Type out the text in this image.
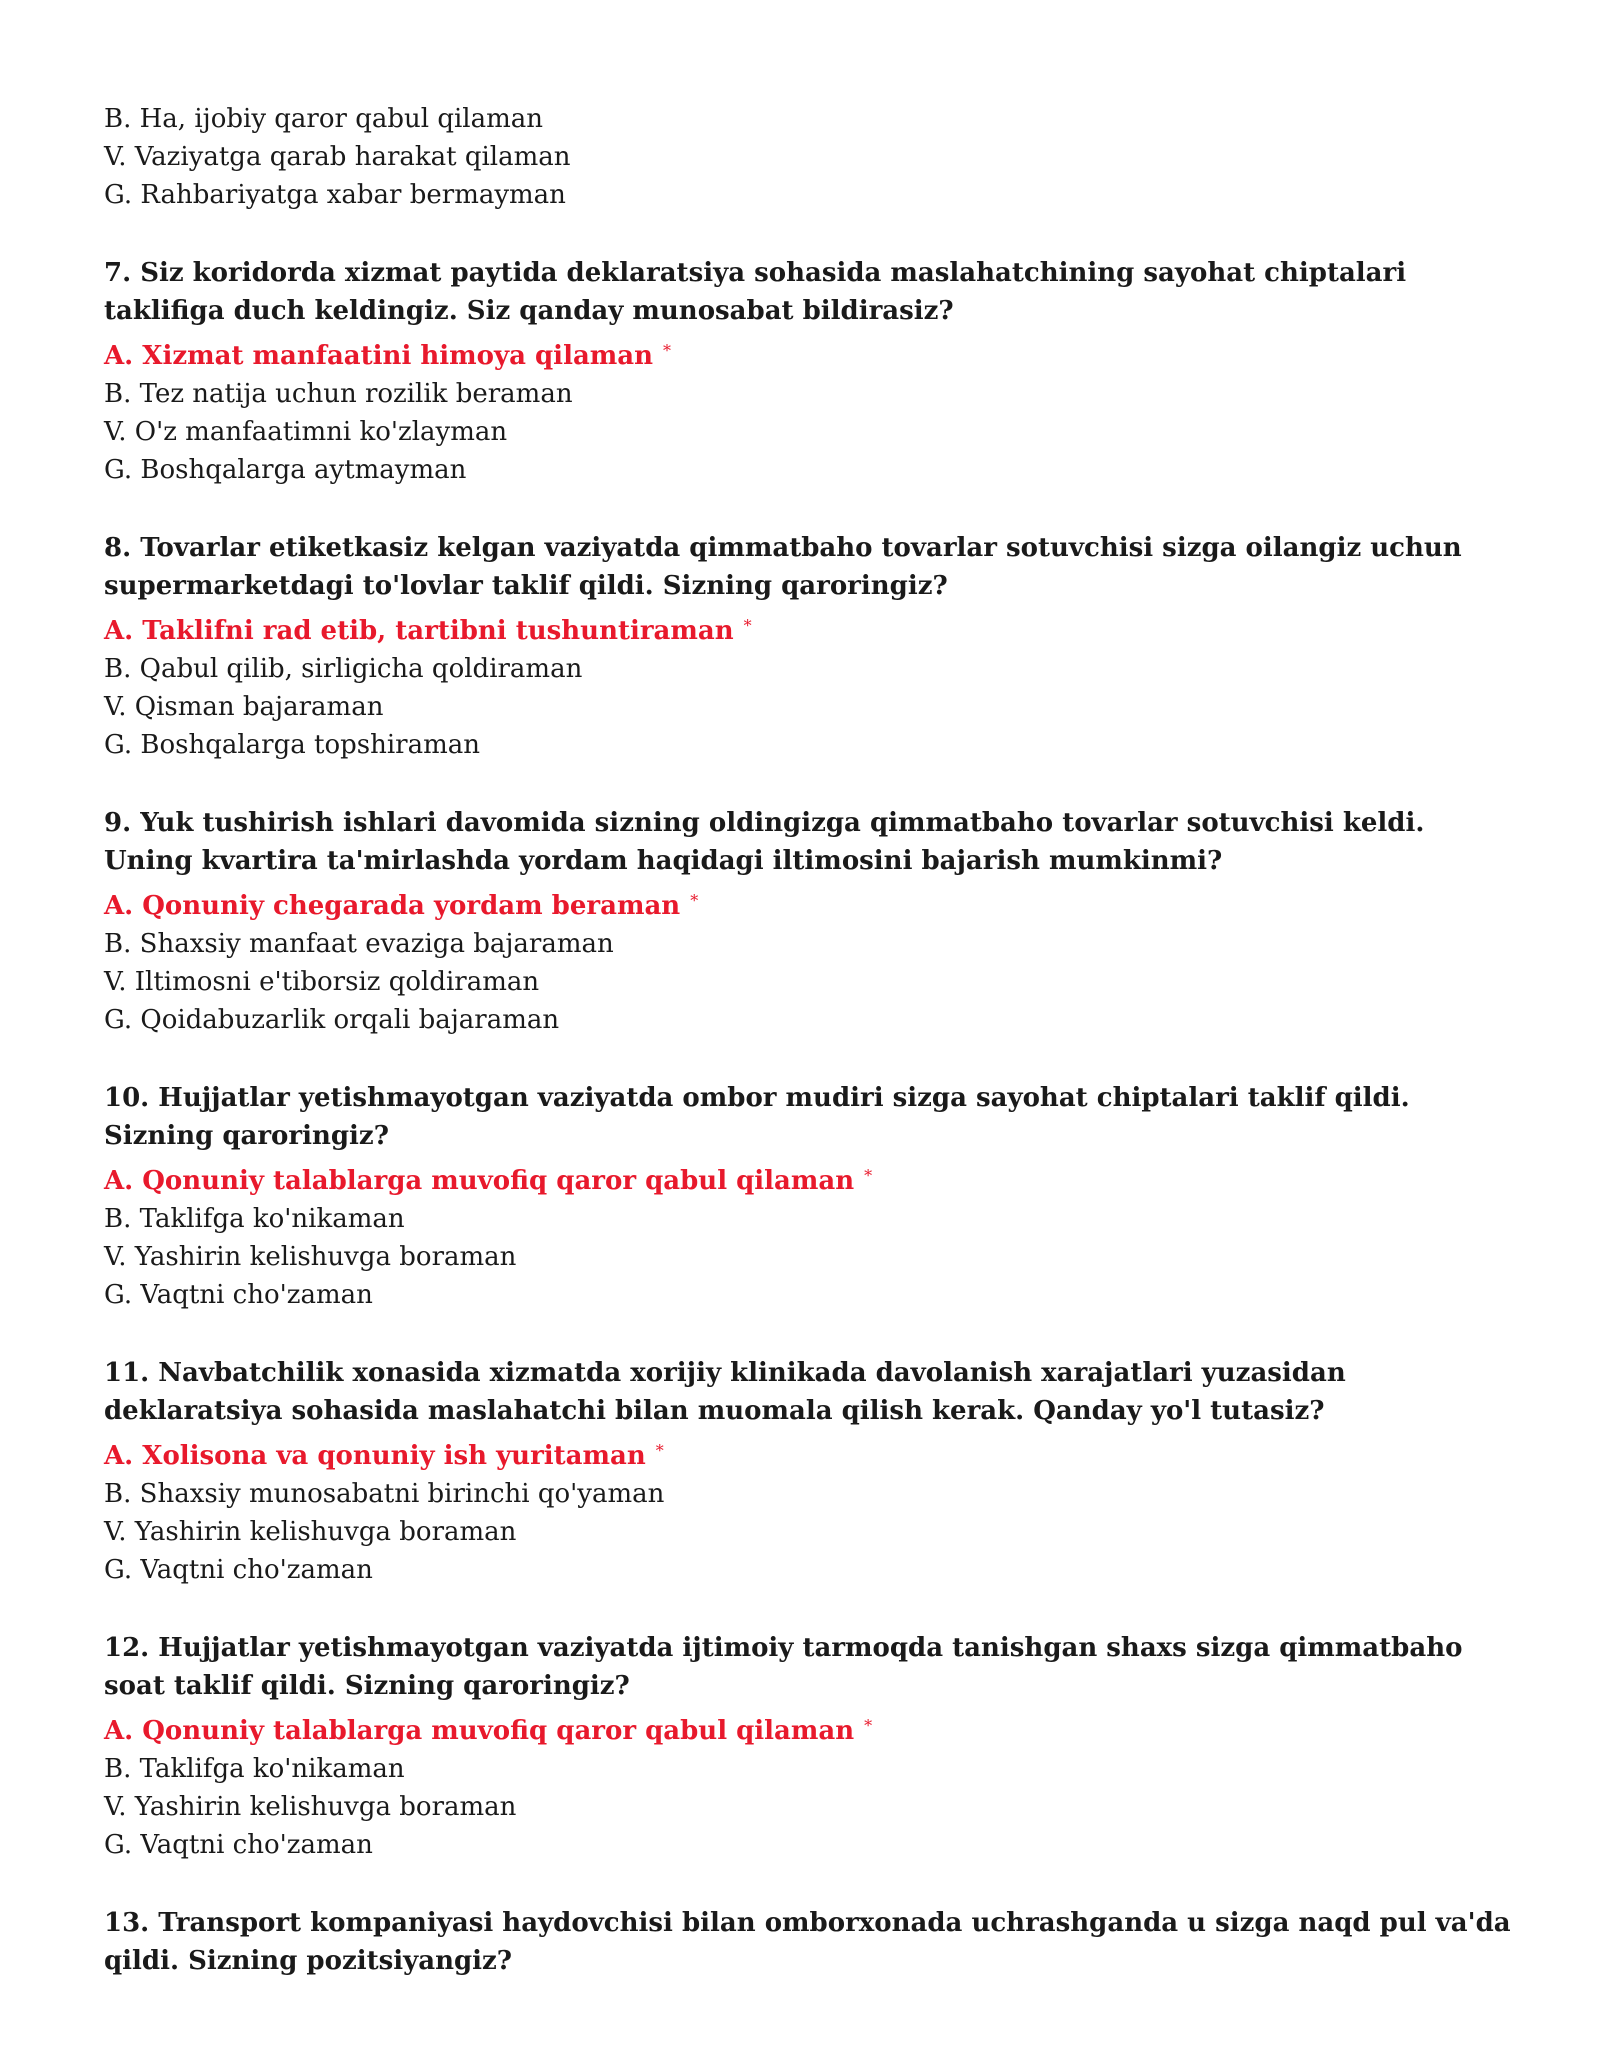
B. Ha, ijobiy qaror qabul qilaman
V. Vaziyatga qarab harakat qilaman
G. Rahbariyatga xabar bermayman
7. Siz koridorda xizmat paytida deklaratsiya sohasida maslahatchining sayohat chiptalari taklifiga duch keldingiz. Siz qanday munosabat bildirasiz?
A. Xizmat manfaatini himoya qilaman *
B. Tez natija uchun rozilik beraman
V. O'z manfaatimni ko'zlayman
G. Boshqalarga aytmayman
8. Tovarlar etiketkasiz kelgan vaziyatda qimmatbaho tovarlar sotuvchisi sizga oilangiz uchun supermarketdagi to'lovlar taklif qildi. Sizning qaroringiz?
A. Taklifni rad etib, tartibni tushuntiraman *
B. Qabul qilib, sirligicha qoldiraman
V. Qisman bajaraman
G. Boshqalarga topshiraman
9. Yuk tushirish ishlari davomida sizning oldingizga qimmatbaho tovarlar sotuvchisi keldi. Uning kvartira ta'mirlashda yordam haqidagi iltimosini bajarish mumkinmi?
A. Qonuniy chegarada yordam beraman *
B. Shaxsiy manfaat evaziga bajaraman
V. Iltimosni e'tiborsiz qoldiraman
G. Qoidabuzarlik orqali bajaraman
10. Hujjatlar yetishmayotgan vaziyatda ombor mudiri sizga sayohat chiptalari taklif qildi. Sizning qaroringiz?
A. Qonuniy talablarga muvofiq qaror qabul qilaman *
B. Taklifga ko'nikaman
V. Yashirin kelishuvga boraman
G. Vaqtni cho'zaman
11. Navbatchilik xonasida xizmatda xorijiy klinikada davolanish xarajatlari yuzasidan deklaratsiya sohasida maslahatchi bilan muomala qilish kerak. Qanday yo'l tutasiz?
A. Xolisona va qonuniy ish yuritaman *
B. Shaxsiy munosabatni birinchi qo'yaman
V. Yashirin kelishuvga boraman
G. Vaqtni cho'zaman
12. Hujjatlar yetishmayotgan vaziyatda ijtimoiy tarmoqda tanishgan shaxs sizga qimmatbaho soat taklif qildi. Sizning qaroringiz?
A. Qonuniy talablarga muvofiq qaror qabul qilaman *
B. Taklifga ko'nikaman
V. Yashirin kelishuvga boraman
G. Vaqtni cho'zaman
13. Transport kompaniyasi haydovchisi bilan omborxonada uchrashganda u sizga naqd pul va'da qildi. Sizning pozitsiyangiz?
